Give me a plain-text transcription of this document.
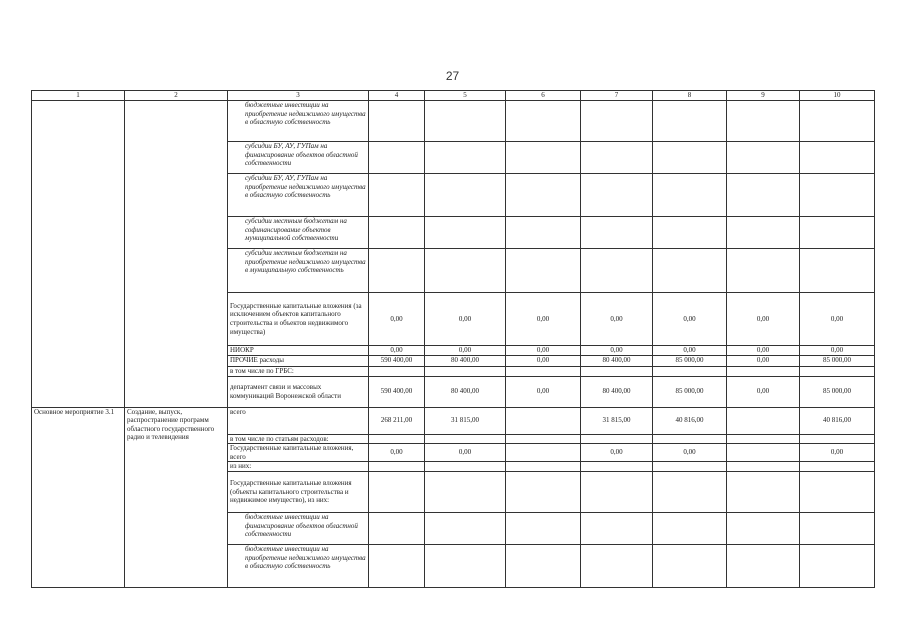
27
1	2	3	4	5	6	7	8	9	10
		бюджетные инвестиции на приобретение недвижимого имущества в областную собственность							
		субсидии БУ, АУ, ГУПам на финансирование объектов областной собственности							
		субсидии БУ, АУ, ГУПам на приобретение недвижимого имущества в областную собственность							
		субсидии местным бюджетам на софинансирование объектов муниципальной собственности							
		субсидии местным бюджетам на приобретение недвижимого имущества в муниципальную собственность							
		Государственные капитальные вложения (за исключением объектов капитального строительства и объектов недвижимого имущества)	0,00	0,00	0,00	0,00	0,00	0,00	0,00
		НИОКР	0,00	0,00	0,00	0,00	0,00	0,00	0,00
		ПРОЧИЕ расходы	590 400,00	80 400,00	0,00	80 400,00	85 000,00	0,00	85 000,00
		в том числе по ГРБС:							
		департамент связи и массовых коммуникаций Воронежской области	590 400,00	80 400,00	0,00	80 400,00	85 000,00	0,00	85 000,00
Основное мероприятие 3.1	Создание, выпуск, распространение программ областного государственного радио и телевидения	всего	268 211,00	31 815,00		31 815,00	40 816,00		40 816,00
		в том числе по статьям расходов:							
		Государственные капитальные вложения, всего	0,00	0,00		0,00	0,00		0,00
		из них:							
		Государственные капитальные вложения (объекты капитального строительства и недвижимое имущество), из них:							
		бюджетные инвестиции на финансирование объектов областной собственности							
		бюджетные инвестиции на приобретение недвижимого имущества в областную собственность							
